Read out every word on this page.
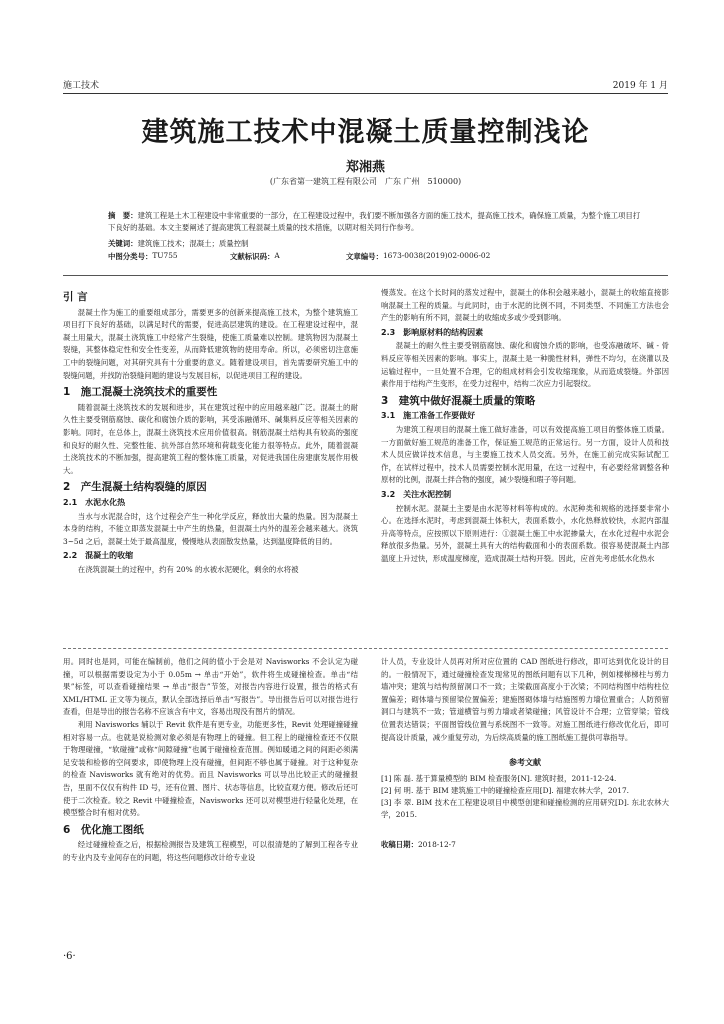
施工技术	2019 年 1 月
建筑施工技术中混凝土质量控制浅论
郑湘燕
(广东省第一建筑工程有限公司　广东 广州　510000)
摘　要：建筑工程是土木工程建设中非常重要的一部分，在工程建设过程中，我们要不断加强各方面的施工技术，提高施工技术，确保施工质量，为整个施工项目打下良好的基础。本文主要阐述了提高建筑工程混凝土质量的技术措施，以期对相关同行作参考。
关键词：建筑施工技术；混凝土；质量控制
中图分类号： TU755	文献标识码： A	文章编号： 1673-0038(2019)02-0006-02
引 言

混凝土作为施工的重要组成部分，需要更多的创新来提高施工技术，为整个建筑施工项目打下良好的基础，以满足时代的需要，促进高层建筑的建设。在工程建设过程中，混凝土用量大，混凝土浇筑施工中经常产生裂缝，使施工质量难以控制。建筑物因为混凝土裂缝，其整体稳定性和安全性变差，从而降低建筑物的使用寿命。所以，必须密切注意施工中的裂缝问题，对其研究具有十分重要的意义。随着建设项目，首先需要研究施工中的裂缝问题，并找防治裂缝问题的建设与发展目标，以促进项目工程的建设。

1　施工混凝土浇筑技术的重要性

随着混凝土浇筑技术的发展和进步，其在建筑过程中的应用越来越广泛。混凝土的耐久性主要受钢筋腐蚀、碳化和腐蚀介质的影响，其受冻融循环、碱集料反应等相关因素的影响。同时，在总体上，混凝土浇筑技术应用价值很高。钢筋混凝土结构具有较高的强度和良好的耐久性、完整性能、抗外部自然环境和荷载变化能力很等特点。此外，随着混凝土浇筑技术的不断加强，提高建筑工程的整体施工质量，对促进我国住房建康发展作用极大。

2　产生混凝土结构裂缝的原因
2.1　水泥水化热

当水与水泥混合时，这个过程会产生一种化学反应，释放出大量的热量。因为混凝土本身的结构，不能立即蒸发混凝土中产生的热量，但混凝土内外的温差会越来越大。浇筑 3~5d 之后，混凝土处于最高温度，慢慢地从表面散发热量，达到温度降低的目的。

2.2　混凝土的收缩

在浇筑混凝土的过程中，约有 20% 的水被水泥硬化，剩余的水将被

慢蒸发。在这个长时间的蒸发过程中，混凝土的体积会越来越小，混凝土的收缩直接影响混凝土工程的质量。与此同时，由于水泥的比例不同，不同类型、不同施工方法也会产生的影响有所不同，混凝土的收缩成多或少受到影响。

2.3　影响原材料的结构因素

混凝土的耐久性主要受钢筋腐蚀、碳化和腐蚀介质的影响，也受冻融破坏、碱 - 骨料反应等相关因素的影响。事实上，混凝土是一种脆性材料，弹性不均匀，在浇灌以及运输过程中，一旦处置不合理，它的组成材料会引发收缩现象，从而造成裂缝。外部因素作用于结构产生变形，在受力过程中，结构二次应力引起裂纹。

3　建筑中做好混凝土质量的策略
3.1　施工准备工作要做好

为建筑工程项目的混凝土施工做好准备，可以有效提高施工项目的整体施工质量。一方面做好施工规范的准备工作，保证施工规范的正常运行。另一方面，设计人员和技术人员应做详技术信息，与主要施工技术人员交流。另外，在施工前完成实际试配工作，在试样过程中，技术人员需要控制水泥用量，在这一过程中，有必要经常调整各种原材的比例，混凝土拌合物的强度，减少裂缝和瑕子等问题。

3.2　关注水泥控制

控制水泥。混凝土主要是由水泥等材料等构成的。水泥种类和规格的选择要非常小心。在选择水泥时，考虑到混凝土体积大，表面系数小，水化热释放较快，水泥内部温升高等特点，应按照以下原则进行：①混凝土施工中水泥掺量大，在水化过程中水泥会释放很多热量。另外，混凝土具有大的结构截面和小的表面系数。很容易使混凝土内部温度上升过快，形成温度梯度，造成混凝土结构开裂。因此，应首先考虑低水化热水

用。同时也是同，可能在编制前，他们之间的值小于会是对 Navisworks 不会认定为碰撞，可以根据需要设定为小于 0.05m → 单击“开始”，软件将生成碰撞检查。单击“结果”标签，可以查看碰撞结果 → 单击“报告”节签，对报告内容进行设置，报告的格式有 XML/HTML 正文等为视点，默认全部选择后单击“写报告”。导出报告后可以对报告进行查看，但是导出的报告名称不应该含有中文，容易出现没有图片的情况。

利用 Navisworks 辅以于 Revit 软件是有更专业，功能更多性，Revit 处理碰撞碰撞相对容易一点。也就是说检测对象必须是有物理上的碰撞。但工程上的碰撞检查还不仅限于物理碰撞，“软碰撞”或称“间隙碰撞”也属于碰撞检查范围。例如暖通之间的间距必须满足安装和检修的空间要求，即使物理上没有碰撞，但间距不够也属于碰撞。对于这种复杂的检查 Navisworks 就有绝对的优势。而且 Navisworks 可以导出比较正式的碰撞报告，里面不仅仅有构件 ID 号，还有位置、图片、状态等信息，比较直观方便。修改后还可使于二次检查。较之 Revit 中碰撞检查，Navisworks 还可以对模型进行轻量化处理，在模型整合时有相对优势。

6　优化施工图纸

经过碰撞检查之后，根据检测报告及建筑工程模型，可以很清楚的了解到工程各专业的专业内及专业间存在的问题，将这些问题修改计给专业设

计人员，专业设计人员再对所对应位置的 CAD 图纸进行修改，即可达到优化设计的目的。一般情况下，通过碰撞检查发现常见的图纸问题有以下几种，例如楼梯梯柱与剪力墙冲突；建筑与结构预留洞口不一致；主梁截面高度小于次梁；不同结构图中结构柱位置偏差；砌体墙与预留梁位置偏差；建施图砌体墙与结施图剪力墙位置重合；人防预留洞口与建筑不一致；管道横管与剪力墙或者梁碰撞；风管设计不合理；立管穿梁；管线位置表达错误；平面图管线位置与系统图不一致等。对施工图纸进行修改优化后，即可提高设计质量，减少重复劳动，为后续高质量的施工图纸施工提供可靠指导。

参考文献

[1] 陈 磊. 基于算量模型的 BIM 检查服务[N]. 建筑时报，2011-12-24.

[2] 何 明. 基于 BIM 建筑施工中的碰撞检查应用[D]. 福建农林大学，2017.

[3] 李 翠. BIM 技术在工程建设项目中模型创建和碰撞检测的应用研究[D]. 东北农林大学，2015.

收稿日期：2018-12-7
·6·
